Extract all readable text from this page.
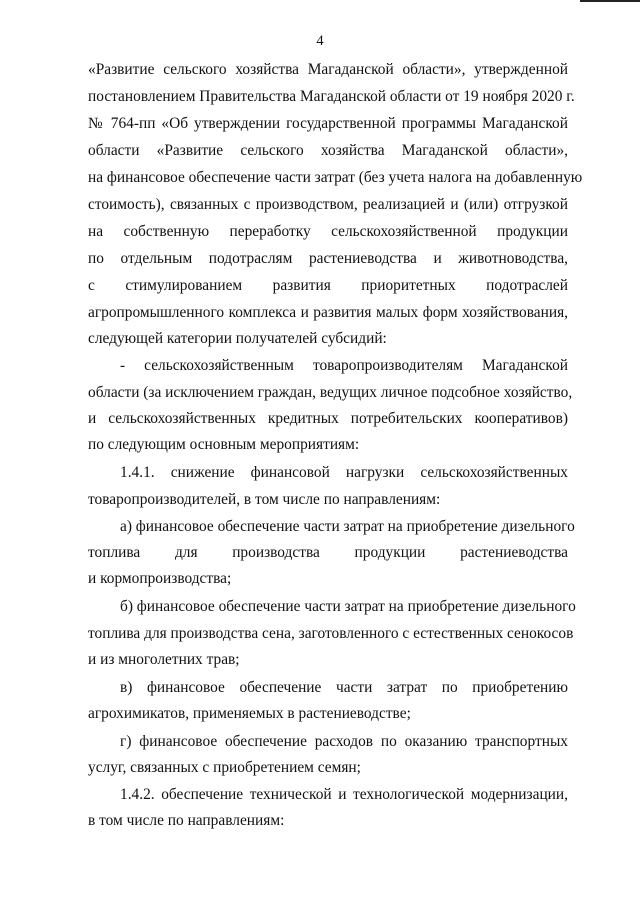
4
«Развитие сельского хозяйства Магаданской области», утвержденной
постановлением Правительства Магаданской области от 19 ноября 2020 г.
№ 764-пп «Об утверждении государственной программы Магаданской
области «Развитие сельского хозяйства Магаданской области»,
на финансовое обеспечение части затрат (без учета налога на добавленную
стоимость), связанных с производством, реализацией и (или) отгрузкой
на собственную переработку сельскохозяйственной продукции
по отдельным подотраслям растениеводства и животноводства,
с стимулированием развития приоритетных подотраслей
агропромышленного комплекса и развития малых форм хозяйствования,
следующей категории получателей субсидий:
- сельскохозяйственным товаропроизводителям Магаданской
области (за исключением граждан, ведущих личное подсобное хозяйство,
и сельскохозяйственных кредитных потребительских кооперативов)
по следующим основным мероприятиям:
1.4.1. снижение финансовой нагрузки сельскохозяйственных
товаропроизводителей, в том числе по направлениям:
а) финансовое обеспечение части затрат на приобретение дизельного
топлива для производства продукции растениеводства
и кормопроизводства;
б) финансовое обеспечение части затрат на приобретение дизельного
топлива для производства сена, заготовленного с естественных сенокосов
и из многолетних трав;
в) финансовое обеспечение части затрат по приобретению
агрохимикатов, применяемых в растениеводстве;
г) финансовое обеспечение расходов по оказанию транспортных
услуг, связанных с приобретением семян;
1.4.2. обеспечение технической и технологической модернизации,
в том числе по направлениям:
